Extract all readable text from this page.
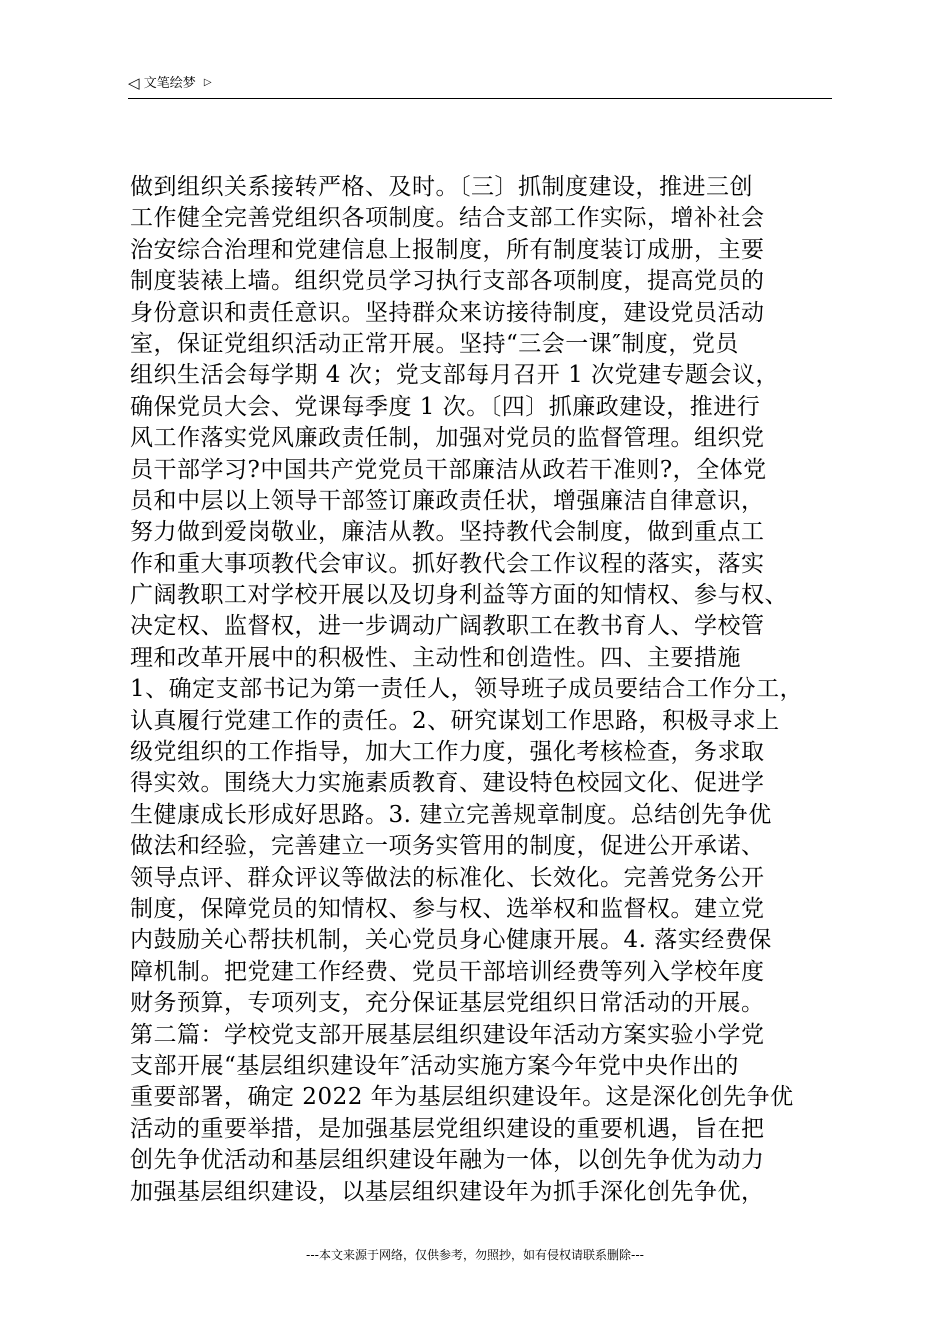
◁ 文笔绘梦 ▷
做到组织关系接转严格、及时。〔三〕抓制度建设，推进三创
工作健全完善党组织各项制度。结合支部工作实际，增补社会
治安综合治理和党建信息上报制度，所有制度装订成册，主要
制度装裱上墙。组织党员学习执行支部各项制度，提高党员的
身份意识和责任意识。坚持群众来访接待制度，建设党员活动
室，保证党组织活动正常开展。坚持“三会一课″制度，党员
组织生活会每学期 4 次；党支部每月召开 1 次党建专题会议，
确保党员大会、党课每季度 1 次。〔四〕抓廉政建设，推进行
风工作落实党风廉政责任制，加强对党员的监督管理。组织党
员干部学习?中国共产党党员干部廉洁从政若干准则?，全体党
员和中层以上领导干部签订廉政责任状，增强廉洁自律意识，
努力做到爱岗敬业，廉洁从教。坚持教代会制度，做到重点工
作和重大事项教代会审议。抓好教代会工作议程的落实，落实
广阔教职工对学校开展以及切身利益等方面的知情权、参与权、
决定权、监督权，进一步调动广阔教职工在教书育人、学校管
理和改革开展中的积极性、主动性和创造性。四、主要措施
1、确定支部书记为第一责任人，领导班子成员要结合工作分工，
认真履行党建工作的责任。2、研究谋划工作思路，积极寻求上
级党组织的工作指导，加大工作力度，强化考核检查，务求取
得实效。围绕大力实施素质教育、建设特色校园文化、促进学
生健康成长形成好思路。3. 建立完善规章制度。总结创先争优
做法和经验，完善建立一项务实管用的制度，促进公开承诺、
领导点评、群众评议等做法的标准化、长效化。完善党务公开
制度，保障党员的知情权、参与权、选举权和监督权。建立党
内鼓励关心帮扶机制，关心党员身心健康开展。4. 落实经费保
障机制。把党建工作经费、党员干部培训经费等列入学校年度
财务预算，专项列支，充分保证基层党组织日常活动的开展。
第二篇：学校党支部开展基层组织建设年活动方案实验小学党
支部开展“基层组织建设年″活动实施方案今年党中央作出的
重要部署，确定 2022 年为基层组织建设年。这是深化创先争优
活动的重要举措，是加强基层党组织建设的重要机遇，旨在把
创先争优活动和基层组织建设年融为一体，以创先争优为动力
加强基层组织建设，以基层组织建设年为抓手深化创先争优，
---本文来源于网络，仅供参考，勿照抄，如有侵权请联系删除---
